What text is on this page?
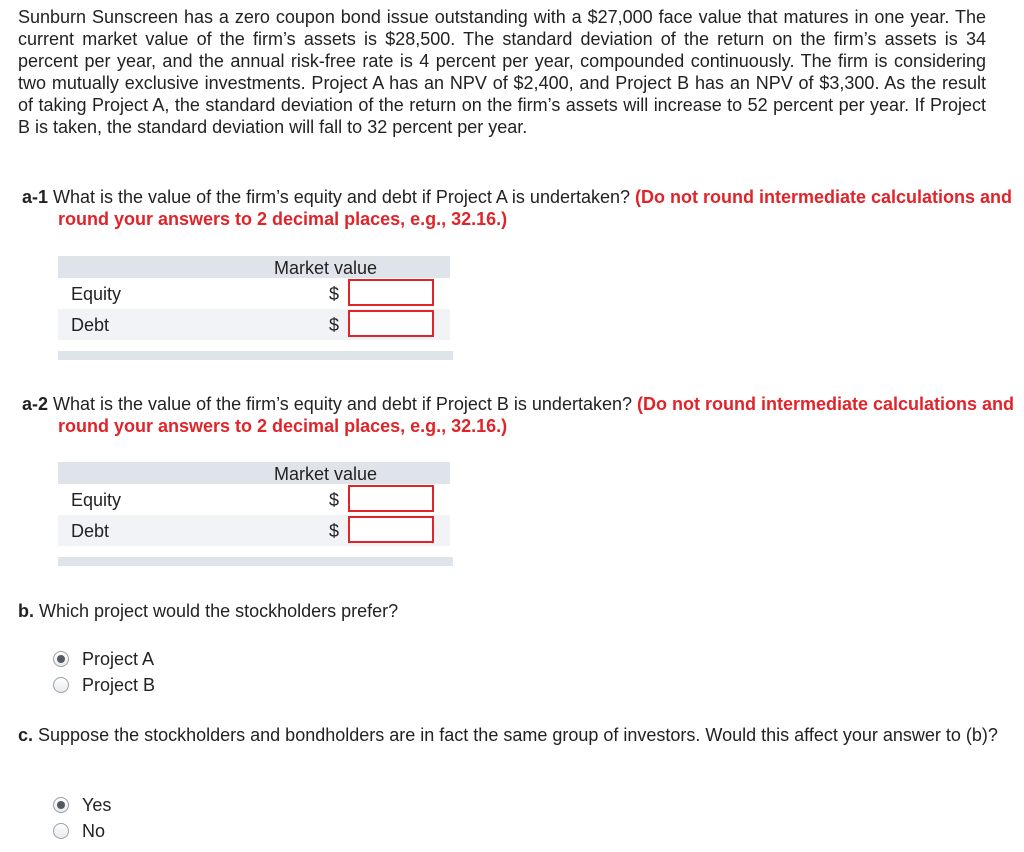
Sunburn Sunscreen has a zero coupon bond issue outstanding with a $27,000 face value that matures in one year. The current market value of the firm’s assets is $28,500. The standard deviation of the return on the firm’s assets is 34 percent per year, and the annual risk-free rate is 4 percent per year, compounded continuously. The firm is considering two mutually exclusive investments. Project A has an NPV of $2,400, and Project B has an NPV of $3,300. As the result of taking Project A, the standard deviation of the return on the firm’s assets will increase to 52 percent per year. If Project B is taken, the standard deviation will fall to 32 percent per year.
a-1 What is the value of the firm’s equity and debt if Project A is undertaken? (Do not round intermediate calculations and round your answers to 2 decimal places, e.g., 32.16.)
Market value
Equity	$
Debt	$
a-2 What is the value of the firm’s equity and debt if Project B is undertaken? (Do not round intermediate calculations and round your answers to 2 decimal places, e.g., 32.16.)
Market value
Equity	$
Debt	$
b. Which project would the stockholders prefer?
Project A
Project B
c. Suppose the stockholders and bondholders are in fact the same group of investors. Would this affect your answer to (b)?
Yes
No
